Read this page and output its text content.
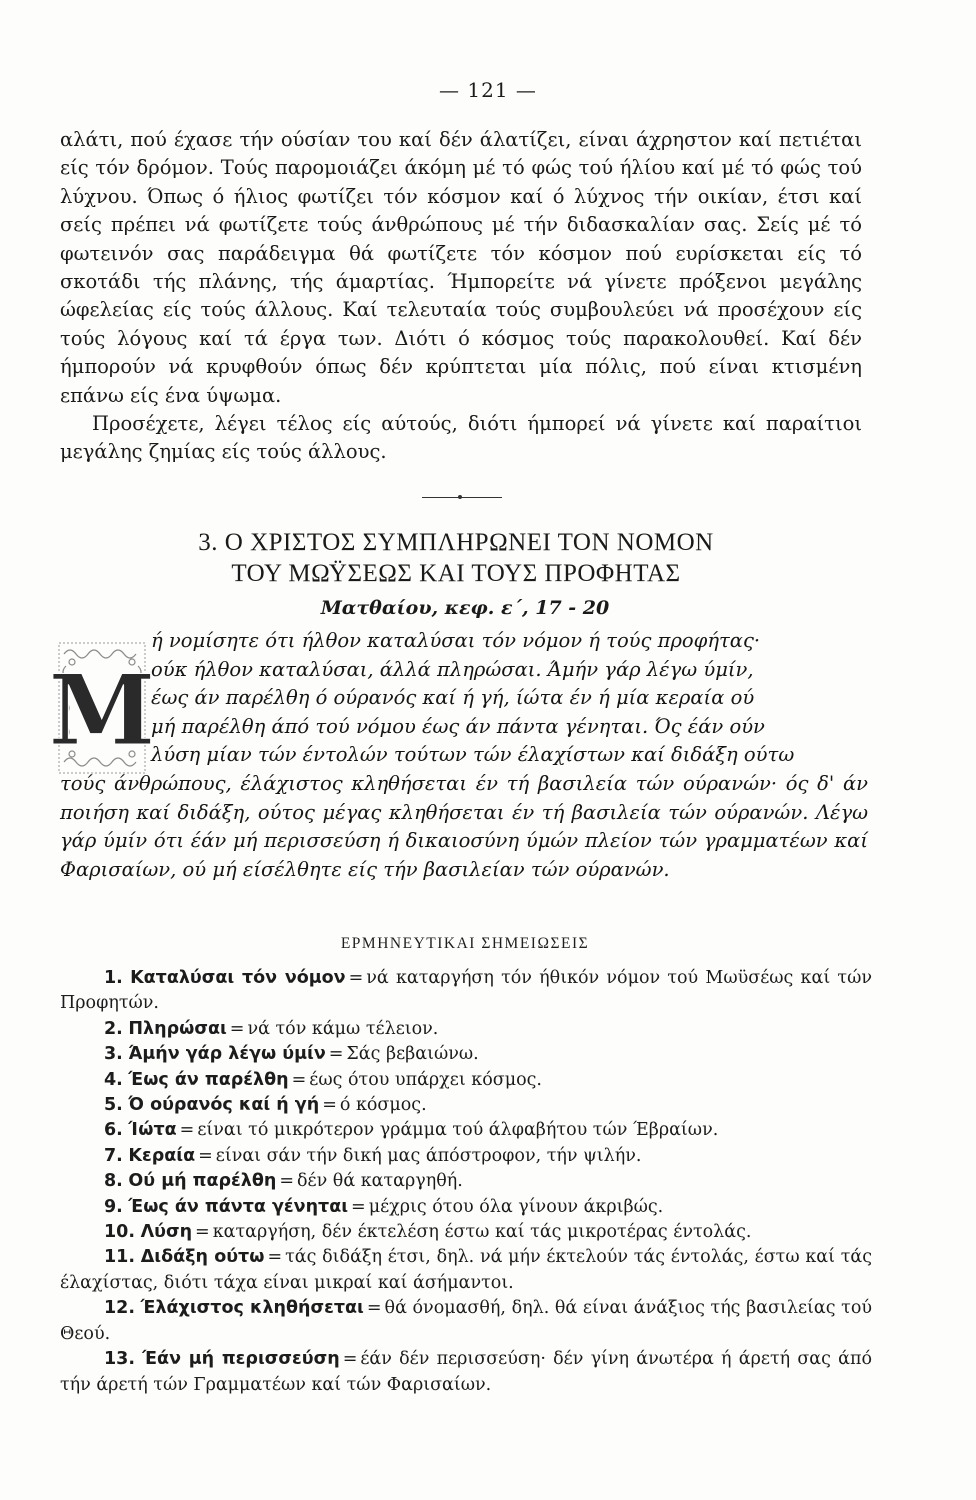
— 121 —

αλάτι, πού έχασε τήν ούσίαν του καί δέν άλατίζει, είναι άχρηστον καί πετιέται είς τόν δρόμον. Τούς παρομοιάζει άκόμη μέ τό φώς τού ήλίου καί μέ τό φώς τού λύχνου. Όπως ό ήλιος φωτίζει τόν κόσμον καί ό λύχνος τήν οικίαν, έτσι καί σείς πρέπει νά φωτίζετε τούς άνθρώπους μέ τήν διδασκαλίαν σας. Σείς μέ τό φωτεινόν σας παράδειγμα θά φωτίζετε τόν κόσμον πού ευρίσκεται είς τό σκοτάδι τής πλάνης, τής άμαρτίας. Ήμπορείτε νά γίνετε πρόξενοι μεγάλης ώφελείας είς τούς άλλους. Καί τελευταία τούς συμβουλεύει νά προσέχουν είς τούς λόγους καί τά έργα των. Διότι ό κόσμος τούς παρακολουθεί. Καί δέν ήμπορούν νά κρυφθούν όπως δέν κρύπτεται μία πόλις, πού είναι κτισμένη επάνω είς ένα ύψωμα.

Προσέχετε, λέγει τέλος είς αύτούς, διότι ήμπορεί νά γίνετε καί παραίτιοι μεγάλης ζημίας είς τούς άλλους.

3. Ο ΧΡΙΣΤΟΣ ΣΥΜΠΛΗΡΩΝΕΙ ΤΟΝ ΝΟΜΟΝ
ΤΟΥ ΜΩΫΣΕΩΣ ΚΑΙ ΤΟΥΣ ΠΡΟΦΗΤΑΣ
Ματθαίου, κεφ. ε΄, 17 - 20
Μ
ή νομίσητε ότι ήλθον καταλύσαι τόν νόμον ή τούς προφήτας·
ούκ ήλθον καταλύσαι, άλλά πληρώσαι. Άμήν γάρ λέγω ύμίν,
έως άν παρέλθη ό ούρανός καί ή γή, ίώτα έν ή μία κεραία ού
μή παρέλθη άπό τού νόμου έως άν πάντα γένηται. Ός έάν ούν
λύση μίαν τών έντολών τούτων τών έλαχίστων καί διδάξη ούτω

τούς άνθρώπους, έλάχιστος κληθήσεται έν τή βασιλεία τών ούρανών· ός δ' άν ποιήση καί διδάξη, ούτος μέγας κληθήσεται έν τή βασιλεία τών ούρανών. Λέγω γάρ ύμίν ότι έάν μή περισσεύση ή δικαιοσύνη ύμών πλείον τών γραμματέων καί Φαρισαίων, ού μή είσέλθητε είς τήν βασιλείαν τών ούρανών.

ΕΡΜΗΝΕΥΤΙΚΑΙ ΣΗΜΕΙΩΣΕΙΣ

1. Καταλύσαι τόν νόμον = νά καταργήση τόν ήθικόν νόμον τού Μωϋσέως καί τών Προφητών.

2. Πληρώσαι = νά τόν κάμω τέλειον.

3. Άμήν γάρ λέγω ύμίν = Σάς βεβαιώνω.

4. Έως άν παρέλθη = έως ότου υπάρχει κόσμος.

5. Ό ούρανός καί ή γή = ό κόσμος.

6. Ίώτα = είναι τό μικρότερον γράμμα τού άλφαβήτου τών Έβραίων.

7. Κεραία = είναι σάν τήν δική μας άπόστροφον, τήν ψιλήν.

8. Ού μή παρέλθη = δέν θά καταργηθή.

9. Έως άν πάντα γένηται = μέχρις ότου όλα γίνουν άκριβώς.

10. Λύση = καταργήση, δέν έκτελέση έστω καί τάς μικροτέρας έντολάς.

11. Διδάξη ούτω = τάς διδάξη έτσι, δηλ. νά μήν έκτελούν τάς έντολάς, έστω καί τάς έλαχίστας, διότι τάχα είναι μικραί καί άσήμαντοι.

12. Έλάχιστος κληθήσεται = θά όνομασθή, δηλ. θά είναι άνάξιος τής βασιλείας τού Θεού.

13. Έάν μή περισσεύση = έάν δέν περισσεύση· δέν γίνη άνωτέρα ή άρετή σας άπό τήν άρετή τών Γραμματέων καί τών Φαρισαίων.
